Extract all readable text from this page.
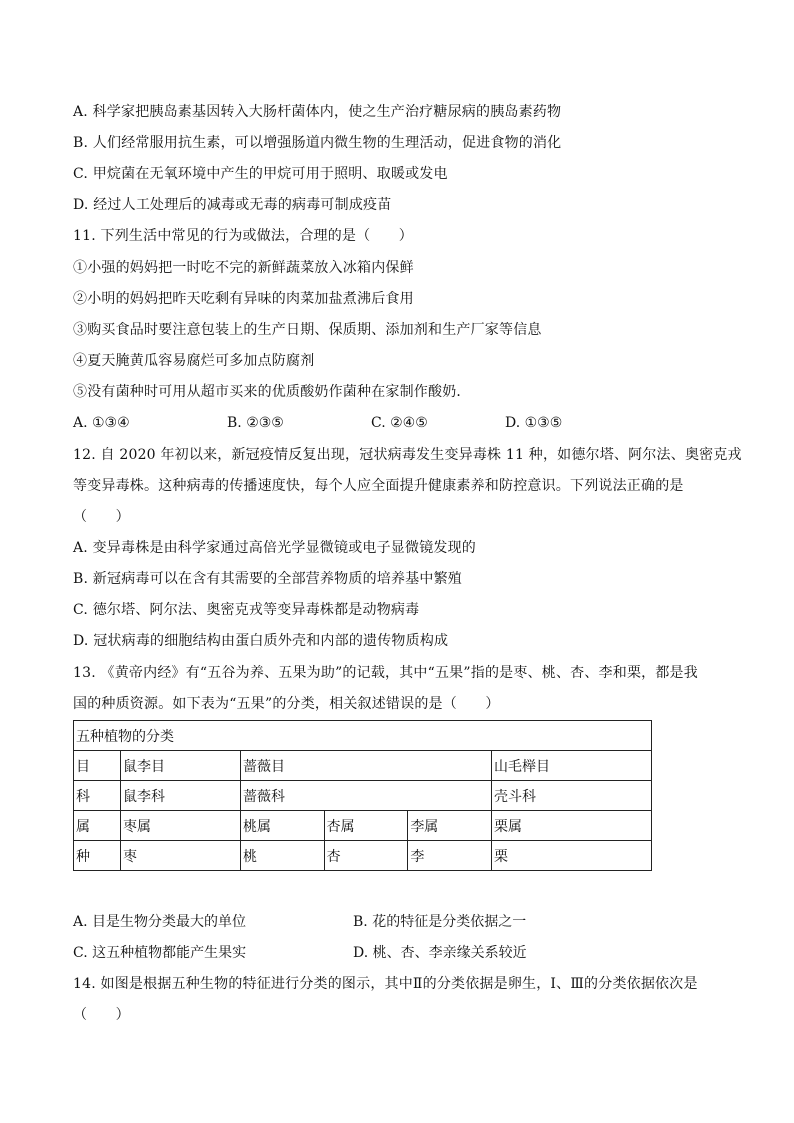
A. 科学家把胰岛素基因转入大肠杆菌体内，使之生产治疗糖尿病的胰岛素药物
B. 人们经常服用抗生素，可以增强肠道内微生物的生理活动，促进食物的消化
C. 甲烷菌在无氧环境中产生的甲烷可用于照明、取暖或发电
D. 经过人工处理后的减毒或无毒的病毒可制成疫苗
11. 下列生活中常见的行为或做法，合理的是（　　）
①小强的妈妈把一时吃不完的新鲜蔬菜放入冰箱内保鲜
②小明的妈妈把昨天吃剩有异味的肉菜加盐煮沸后食用
③购买食品时要注意包装上的生产日期、保质期、添加剂和生产厂家等信息
④夏天腌黄瓜容易腐烂可多加点防腐剂
⑤没有菌种时可用从超市买来的优质酸奶作菌种在家制作酸奶．
A. ①③④	B. ②③⑤	C. ②④⑤	D. ①③⑤
12. 自 2020 年初以来，新冠疫情反复出现，冠状病毒发生变异毒株 11 种，如德尔塔、阿尔法、奥密克戎
等变异毒株。这种病毒的传播速度快，每个人应全面提升健康素养和防控意识。下列说法正确的是
（　　）
A. 变异毒株是由科学家通过高倍光学显微镜或电子显微镜发现的
B. 新冠病毒可以在含有其需要的全部营养物质的培养基中繁殖
C. 德尔塔、阿尔法、奥密克戎等变异毒株都是动物病毒
D. 冠状病毒的细胞结构由蛋白质外壳和内部的遗传物质构成
13. 《黄帝内经》有“五谷为养、五果为助”的记载，其中“五果”指的是枣、桃、杏、李和栗，都是我
国的种质资源。如下表为“五果”的分类，相关叙述错误的是（　　）
五种植物的分类					
目	鼠李目	蔷薇目			山毛榉目
科	鼠李科	蔷薇科			壳斗科
属	枣属	桃属	杏属	李属	栗属
种	枣	桃	杏	李	栗
A. 目是生物分类最大的单位	B. 花的特征是分类依据之一
C. 这五种植物都能产生果实	D. 桃、杏、李亲缘关系较近
14. 如图是根据五种生物的特征进行分类的图示，其中Ⅱ的分类依据是卵生，Ⅰ、Ⅲ的分类依据依次是
（　　）
